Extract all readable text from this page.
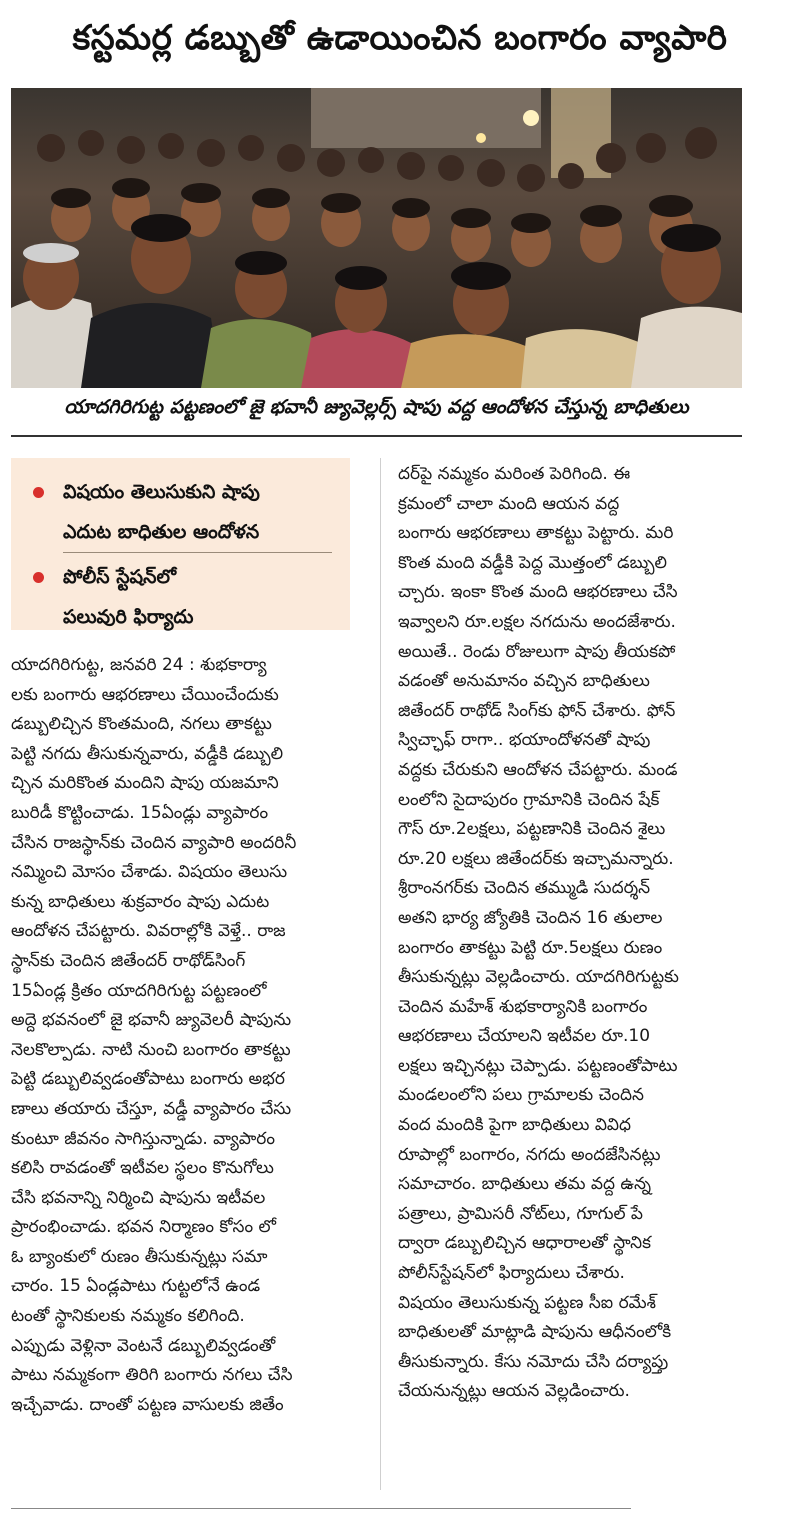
కస్టమర్ల డబ్బుతో ఉడాయించిన బంగారం వ్యాపారి
యాదగిరిగుట్ట పట్టణంలో జై భవానీ జ్యువెల్లర్స్ షాపు వద్ద ఆందోళన చేస్తున్న బాధితులు
విషయం తెలుసుకుని షాపు
ఎదుట బాధితుల ఆందోళన
పోలీస్ స్టేషన్‌లో
పలువురి ఫిర్యాదు
యాదగిరిగుట్ట, జనవరి 24 : శుభకార్యా
లకు బంగారు ఆభరణాలు చేయించేందుకు
డబ్బులిచ్చిన కొంతమంది, నగలు తాకట్టు
పెట్టి నగదు తీసుకున్నవారు, వడ్డీకి డబ్బులి
చ్చిన మరికొంత మందిని షాపు యజమాని
బురిడీ కొట్టించాడు. 15ఏండ్లు వ్యాపారం
చేసిన రాజస్థాన్‌కు చెందిన వ్యాపారి అందరినీ
నమ్మించి మోసం చేశాడు. విషయం తెలుసు
కున్న బాధితులు శుక్రవారం షాపు ఎదుట
ఆందోళన చేపట్టారు. వివరాల్లోకి వెళ్తే.. రాజ
స్థాన్‌కు చెందిన జితేందర్ రాథోడ్‌సింగ్
15ఏండ్ల క్రితం యాదగిరిగుట్ట పట్టణంలో
అద్దె భవనంలో జై భవానీ జ్యువెలరీ షాపును
నెలకొల్పాడు. నాటి నుంచి బంగారం తాకట్టు
పెట్టి డబ్బులివ్వడంతోపాటు బంగారు అభర
ణాలు తయారు చేస్తూ, వడ్డీ వ్యాపారం చేసు
కుంటూ జీవనం సాగిస్తున్నాడు. వ్యాపారం
కలిసి రావడంతో ఇటీవల స్థలం కొనుగోలు
చేసి భవనాన్ని నిర్మించి షాపును ఇటీవల
ప్రారంభించాడు. భవన నిర్మాణం కోసం లో
ఓ బ్యాంకులో రుణం తీసుకున్నట్లు సమా
చారం. 15 ఏండ్లపాటు గుట్టలోనే ఉండ
టంతో స్థానికులకు నమ్మకం కలిగింది.
ఎప్పుడు వెళ్లినా వెంటనే డబ్బులివ్వడంతో
పాటు నమ్మకంగా తిరిగి బంగారు నగలు చేసి
ఇచ్చేవాడు. దాంతో పట్టణ వాసులకు జితేం
దర్‌పై నమ్మకం మరింత పెరిగింది. ఈ
క్రమంలో చాలా మంది ఆయన వద్ద
బంగారు ఆభరణాలు తాకట్టు పెట్టారు. మరి
కొంత మంది వడ్డీకి పెద్ద మొత్తంలో డబ్బులి
చ్చారు. ఇంకా కొంత మంది ఆభరణాలు చేసి
ఇవ్వాలని రూ.లక్షల నగదును అందజేశారు.
అయితే.. రెండు రోజులుగా షాపు తీయకపో
వడంతో అనుమానం వచ్చిన బాధితులు
జితేందర్ రాథోడ్ సింగ్‌కు ఫోన్ చేశారు. ఫోన్
స్విచ్ఛాఫ్ రాగా.. భయాందోళనతో షాపు
వద్దకు చేరుకుని ఆందోళన చేపట్టారు. మండ
లంలోని సైదాపురం గ్రామానికి చెందిన షేక్
గౌస్ రూ.2లక్షలు, పట్టణానికి చెందిన శైలు
రూ.20 లక్షలు జితేందర్‌కు ఇచ్చామన్నారు.
శ్రీరాంనగర్‌కు చెందిన తమ్ముడి సుదర్శన్
అతని భార్య జ్యోతికి చెందిన 16 తులాల
బంగారం తాకట్టు పెట్టి రూ.5లక్షలు రుణం
తీసుకున్నట్లు వెల్లడించారు. యాదగిరిగుట్టకు
చెందిన మహేశ్ శుభకార్యానికి బంగారం
ఆభరణాలు చేయాలని ఇటీవల రూ.10
లక్షలు ఇచ్చినట్లు చెప్పాడు. పట్టణంతోపాటు
మండలంలోని పలు గ్రామాలకు చెందిన
వంద మందికి పైగా బాధితులు వివిధ
రూపాల్లో బంగారం, నగదు అందజేసినట్లు
సమాచారం. బాధితులు తమ వద్ద ఉన్న
పత్రాలు, ప్రామిసరీ నోట్‌లు, గూగుల్ పే
ద్వారా డబ్బులిచ్చిన ఆధారాలతో స్థానిక
పోలీస్‌స్టేషన్‌లో ఫిర్యాదులు చేశారు.
విషయం తెలుసుకున్న పట్టణ సీఐ రమేశ్
బాధితులతో మాట్లాడి షాపును ఆధీనంలోకి
తీసుకున్నారు. కేసు నమోదు చేసి దర్యాప్తు
చేయనున్నట్లు ఆయన వెల్లడించారు.
